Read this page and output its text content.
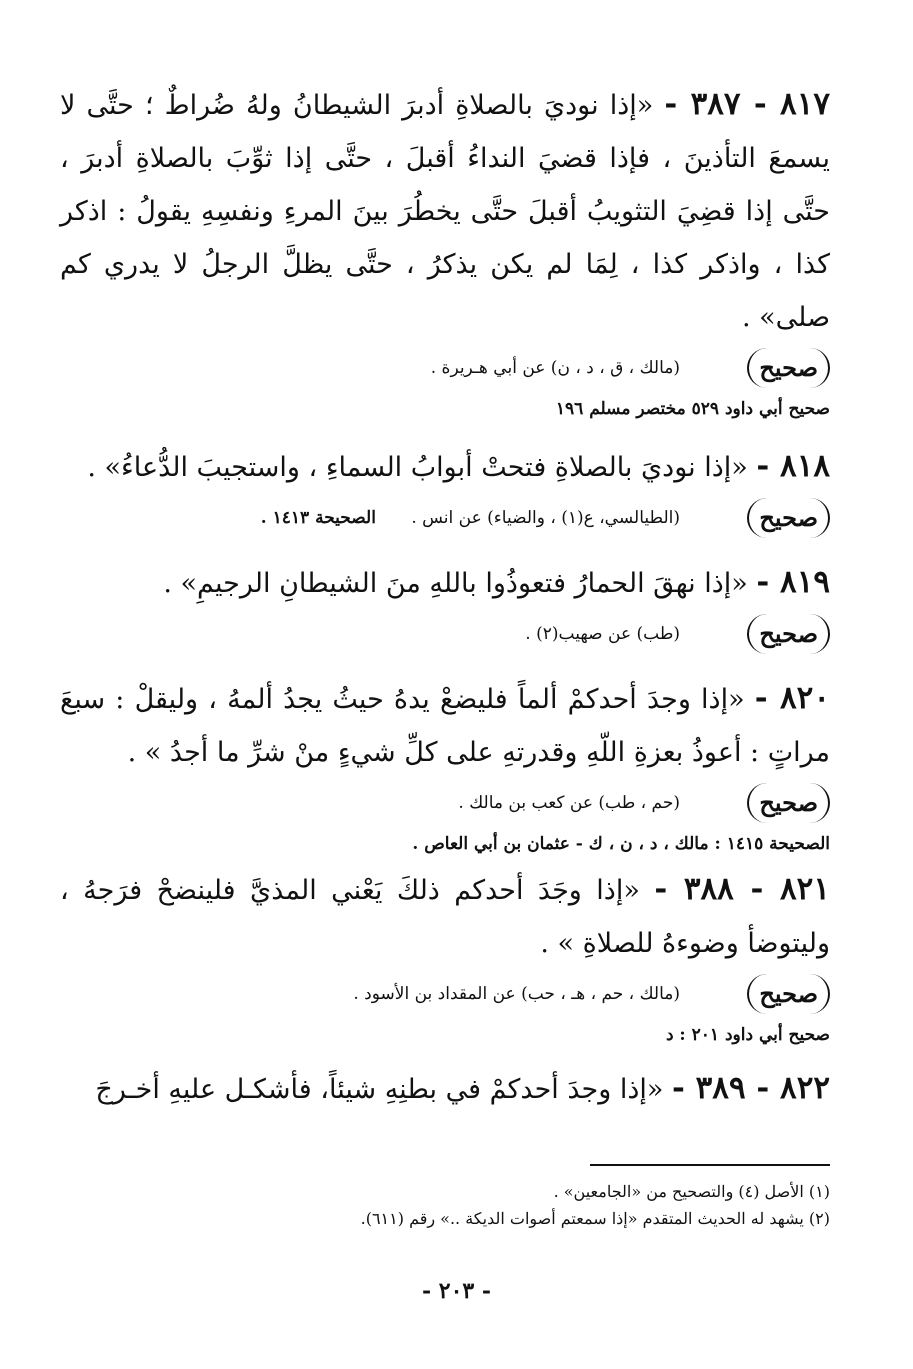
٨١٧ - ٣٨٧ - «إذا نوديَ بالصلاةِ أدبرَ الشيطانُ ولهُ ضُراطٌ ؛ حتَّى لا يسمعَ التأذينَ ، فإذا قضيَ النداءُ أقبلَ ، حتَّى إذا ثوِّبَ بالصلاةِ أدبرَ ، حتَّى إذا قضِيَ التثويبُ أقبلَ حتَّى يخطُرَ بينَ المرءِ ونفسِهِ يقولُ : اذكر كذا ، واذكر كذا ، لِمَا لم يكن يذكرُ ، حتَّى يظلَّ الرجلُ لا يدري كم صلى» .
صحيح
(مالك ، ق ، د ، ن) عن أبي هـريرة .
صحيح أبي داود ٥٢٩ مختصر مسلم ١٩٦
٨١٨ - «إذا نوديَ بالصلاةِ فتحتْ أبوابُ السماءِ ، واستجيبَ الدُّعاءُ» .
صحيح
(الطيالسي، ع(١) ، والضياء) عن انس . الصحيحة ١٤١٣ .
٨١٩ - «إذا نهقَ الحمارُ فتعوذُوا باللهِ منَ الشيطانِ الرجيمِ» .
صحيح
(طب) عن صهيب(٢) .
٨٢٠ - «إذا وجدَ أحدكمْ ألماً فليضعْ يدهُ حيثُ يجدُ ألمهُ ، وليقلْ : سبعَ مراتٍ : أعوذُ بعزةِ اللّهِ وقدرتهِ على كلِّ شيءٍ منْ شرِّ ما أجدُ » .
صحيح
(حم ، طب) عن كعب بن مالك .
الصحيحة ١٤١٥ : مالك ، د ، ن ، ك - عثمان بن أبي العاص .
٨٢١ - ٣٨٨ - «إذا وجَدَ أحدكم ذلكَ يَعْني المذيَّ فلينضحْ فرَجهُ ، وليتوضأ وضوءهُ للصلاةِ » .
صحيح
(مالك ، حم ، هـ ، حب) عن المقداد بن الأسود .
صحيح أبي داود ٢٠١ : د
٨٢٢ - ٣٨٩ - «إذا وجدَ أحدكمْ في بطنِهِ شيئاً، فأشكـل عليهِ أخـرجَ
(١) الأصل (٤) والتصحيح من «الجامعين» .
(٢) يشهد له الحديث المتقدم «إذا سمعتم أصوات الديكة ..» رقم (٦١١).
- ٢٠٣ -
